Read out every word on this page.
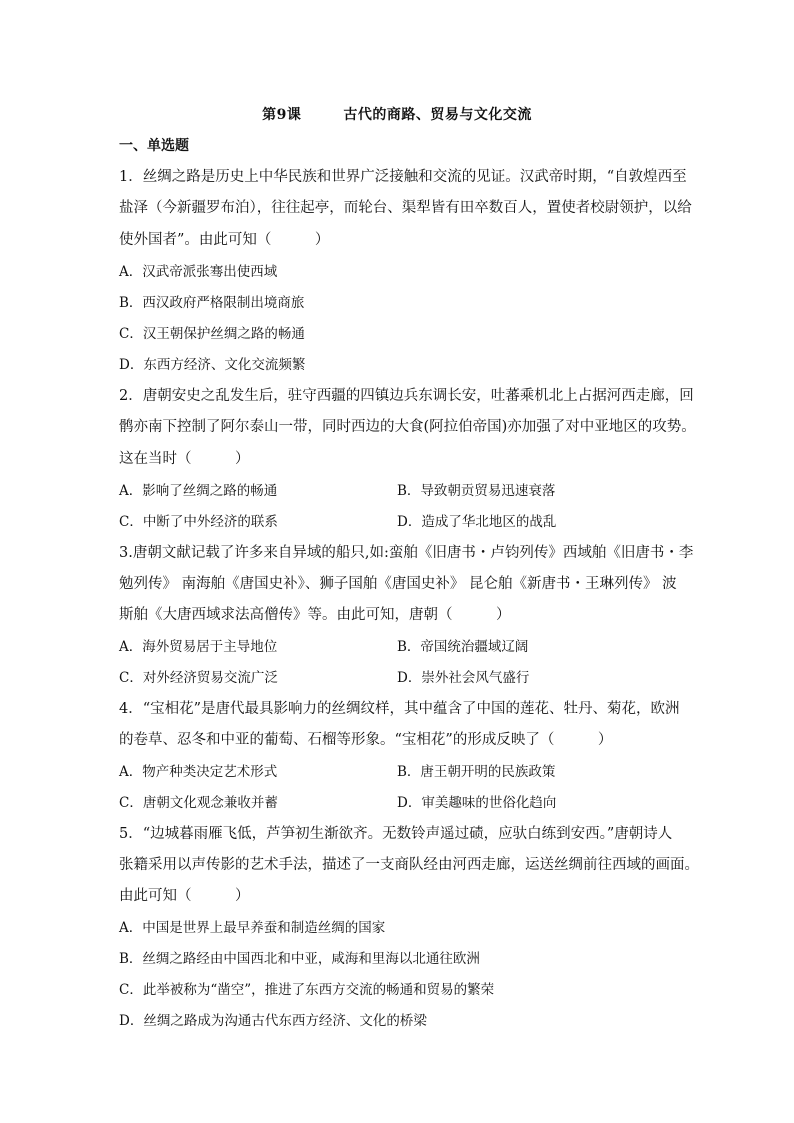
第9课	古代的商路、贸易与文化交流
一、单选题
1．丝绸之路是历史上中华民族和世界广泛接触和交流的见证。汉武帝时期，“自敦煌西至
盐泽（今新疆罗布泊），往往起亭，而轮台、渠犁皆有田卒数百人，置使者校尉领护，以给
使外国者”。由此可知（　　　）
A．汉武帝派张骞出使西域
B．西汉政府严格限制出境商旅
C．汉王朝保护丝绸之路的畅通
D．东西方经济、文化交流频繁
2．唐朝安史之乱发生后，驻守西疆的四镇边兵东调长安，吐蕃乘机北上占据河西走廊，回
鹘亦南下控制了阿尔泰山一带，同时西边的大食(阿拉伯帝国)亦加强了对中亚地区的攻势。
这在当时（　　　）
A．影响了丝绸之路的畅通	B．导致朝贡贸易迅速衰落
C．中断了中外经济的联系	D．造成了华北地区的战乱
3.唐朝文献记载了许多来自异域的船只,如:蛮舶《旧唐书・卢钧列传》西域舶《旧唐书・李
勉列传》 南海舶《唐国史补》、狮子国舶《唐国史补》 昆仑舶《新唐书・王琳列传》 波
斯舶《大唐西域求法高僧传》等。由此可知，唐朝（　　　）
A．海外贸易居于主导地位	B．帝国统治疆域辽阔
C．对外经济贸易交流广泛	D．崇外社会风气盛行
4．“宝相花”是唐代最具影响力的丝绸纹样，其中蕴含了中国的莲花、牡丹、菊花，欧洲
的卷草、忍冬和中亚的葡萄、石榴等形象。“宝相花”的形成反映了（　　　）
A．物产种类决定艺术形式	B．唐王朝开明的民族政策
C．唐朝文化观念兼收并蓄	D．审美趣味的世俗化趋向
5．“边城暮雨雁飞低，芦笋初生渐欲齐。无数铃声遥过碛，应驮白练到安西。”唐朝诗人
张籍采用以声传影的艺术手法，描述了一支商队经由河西走廊，运送丝绸前往西域的画面。
由此可知（　　　）
A．中国是世界上最早养蚕和制造丝绸的国家
B．丝绸之路经由中国西北和中亚，咸海和里海以北通往欧洲
C．此举被称为“凿空”，推进了东西方交流的畅通和贸易的繁荣
D．丝绸之路成为沟通古代东西方经济、文化的桥梁
